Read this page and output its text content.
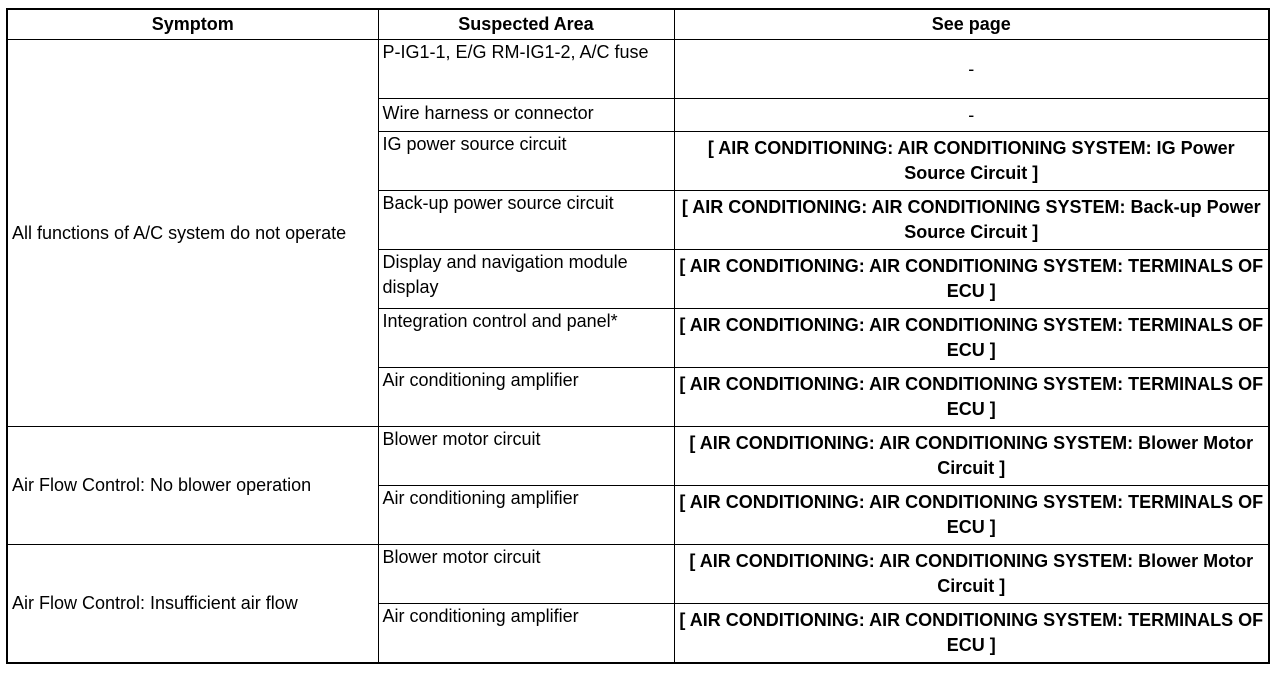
Symptom	Suspected Area	See page
All functions of A/C system do not operate	P-IG1-1, E/G RM-IG1-2, A/C fuse	-
	Wire harness or connector	-
	IG power source circuit	[ AIR CONDITIONING: AIR CONDITIONING SYSTEM: IG Power Source Circuit ]
	Back-up power source circuit	[ AIR CONDITIONING: AIR CONDITIONING SYSTEM: Back-up Power Source Circuit ]
	Display and navigation module display	[ AIR CONDITIONING: AIR CONDITIONING SYSTEM: TERMINALS OF ECU ]
	Integration control and panel*	[ AIR CONDITIONING: AIR CONDITIONING SYSTEM: TERMINALS OF ECU ]
	Air conditioning amplifier	[ AIR CONDITIONING: AIR CONDITIONING SYSTEM: TERMINALS OF ECU ]
Air Flow Control: No blower operation	Blower motor circuit	[ AIR CONDITIONING: AIR CONDITIONING SYSTEM: Blower Motor Circuit ]
	Air conditioning amplifier	[ AIR CONDITIONING: AIR CONDITIONING SYSTEM: TERMINALS OF ECU ]
Air Flow Control: Insufficient air flow	Blower motor circuit	[ AIR CONDITIONING: AIR CONDITIONING SYSTEM: Blower Motor Circuit ]
	Air conditioning amplifier	[ AIR CONDITIONING: AIR CONDITIONING SYSTEM: TERMINALS OF ECU ]
